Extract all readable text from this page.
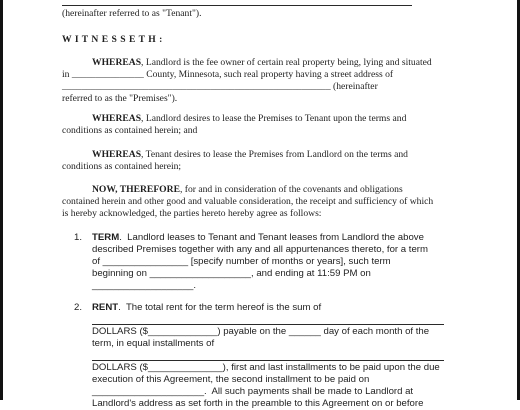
(hereinafter referred to as "Tenant").
W I T N E S S E T H :
WHEREAS, Landlord is the fee owner of certain real property being, lying and situated
in _______________ County, Minnesota, such real property having a street address of
________________________________________________________ (hereinafter
referred to as the "Premises").
WHEREAS, Landlord desires to lease the Premises to Tenant upon the terms and
conditions as contained herein; and
WHEREAS, Tenant desires to lease the Premises from Landlord on the terms and
conditions as contained herein;
NOW, THEREFORE, for and in consideration of the covenants and obligations
contained herein and other good and valuable consideration, the receipt and sufficiency of which
is hereby acknowledged, the parties hereto hereby agree as follows:
1. TERM.  Landlord leases to Tenant and Tenant leases from Landlord the above
described Premises together with any and all appurtenances thereto, for a term
of ________________ [specify number of months or years], such term
beginning on ___________________, and ending at 11:59 PM on
___________________.
2. RENT.  The total rent for the term hereof is the sum of
DOLLARS ($_____________) payable on the ______ day of each month of the
term, in equal installments of
DOLLARS ($______________), first and last installments to be paid upon the due
execution of this Agreement, the second installment to be paid on
_____________________.  All such payments shall be made to Landlord at
Landlord's address as set forth in the preamble to this Agreement on or before
